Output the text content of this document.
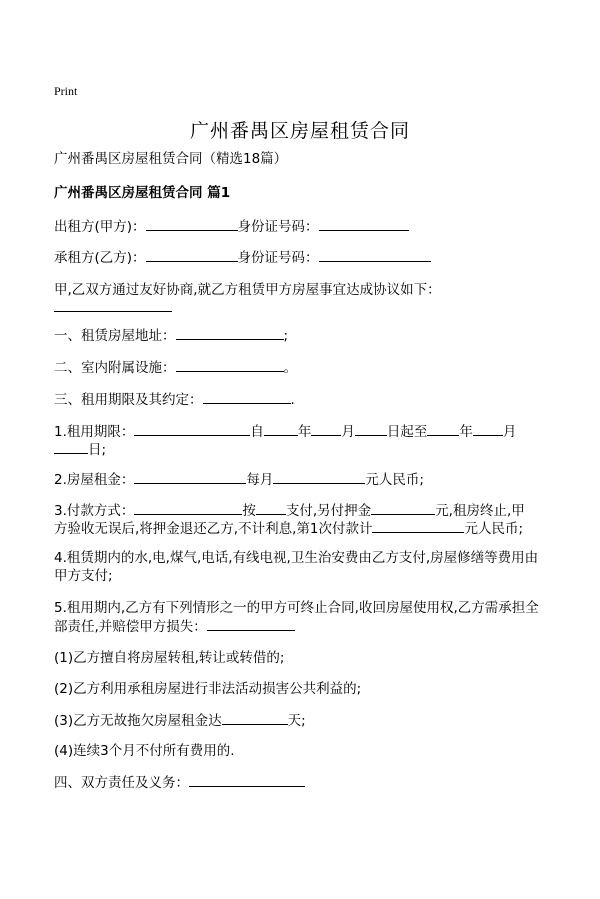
Print
广州番禺区房屋租赁合同
广州番禺区房屋租赁合同（精选18篇）
广州番禺区房屋租赁合同 篇1
出租方(甲方)：	身份证号码：
承租方(乙方)：	身份证号码：
甲,乙双方通过友好协商,就乙方租赁甲方房屋事宜达成协议如下：
一、租赁房屋地址：	;
二、室内附属设施：	。
三、租用期限及其约定：	.
1.租用期限：	自	年 月 日起至 年 月
日;
2.房屋租金：	每月	元人民币;
3.付款方式：	按 支付,另付押金	元,租房终止,甲
方验收无误后,将押金退还乙方,不计利息,第1次付款计	元人民币;
4.租赁期内的水,电,煤气,电话,有线电视,卫生治安费由乙方支付,房屋修缮等费用由
甲方支付;
5.租用期内,乙方有下列情形之一的甲方可终止合同,收回房屋使用权,乙方需承担全
部责任,并赔偿甲方损失：
(1)乙方擅自将房屋转租,转让或转借的;
(2)乙方利用承租房屋进行非法活动损害公共利益的;
(3)乙方无故拖欠房屋租金达	天;
(4)连续3个月不付所有费用的.
四、双方责任及义务：
